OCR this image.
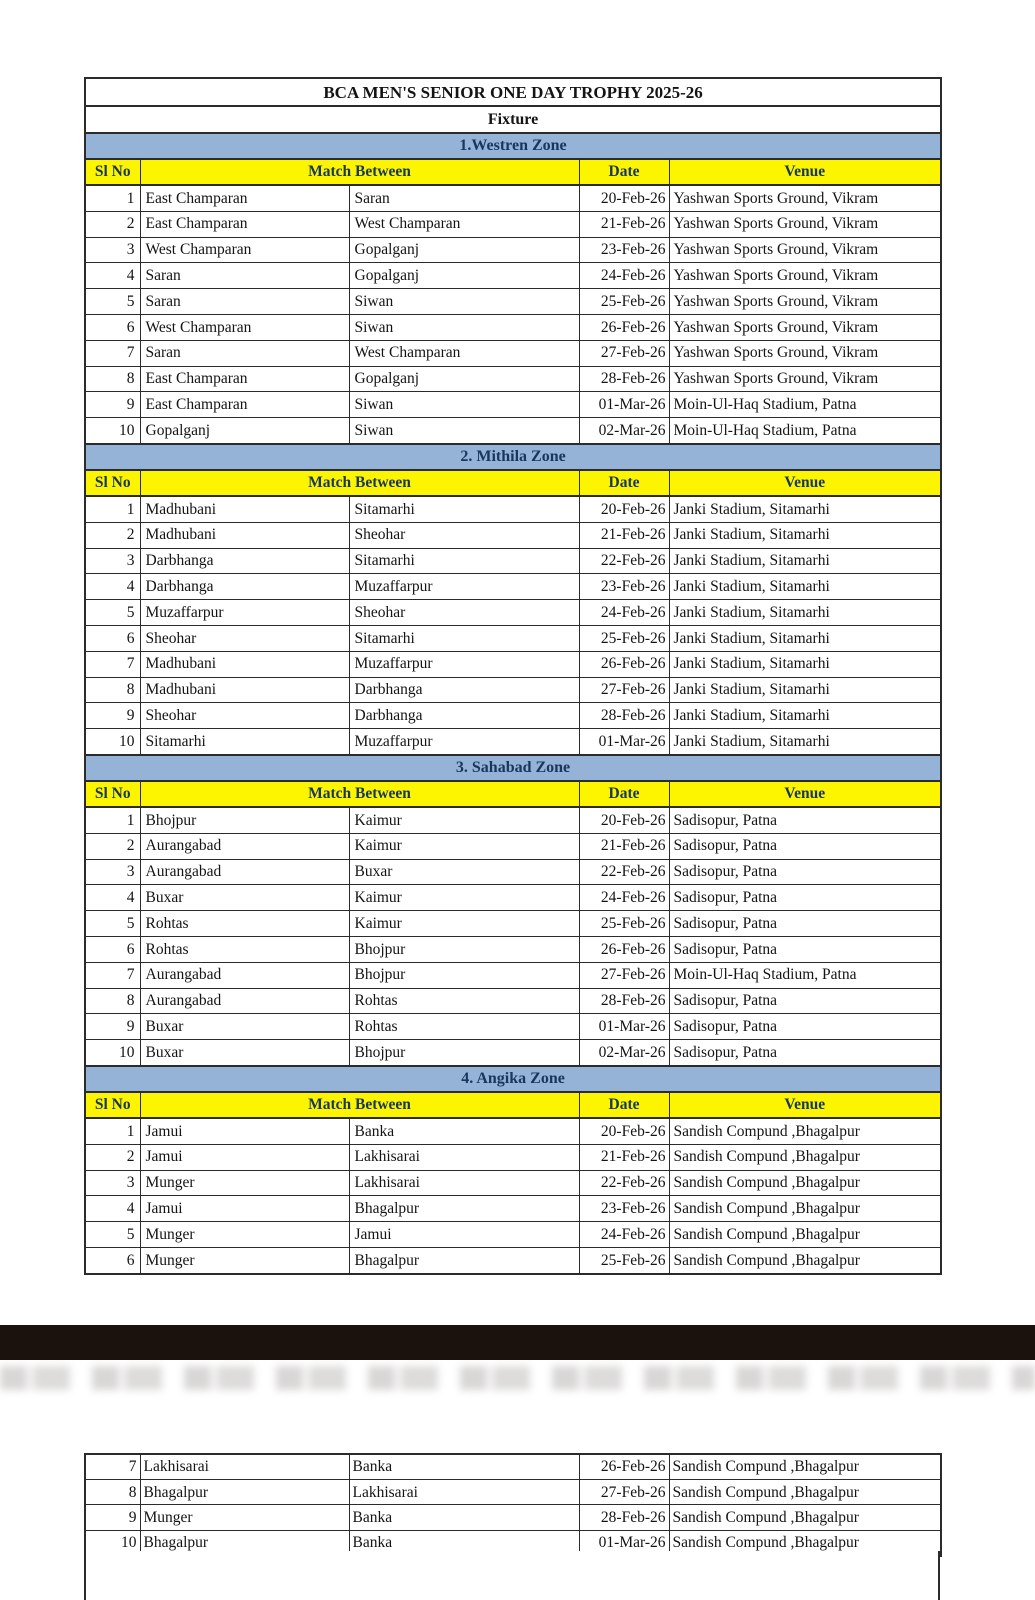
BCA MEN'S SENIOR ONE DAY TROPHY 2025-26				
Fixture				
1.Westren Zone				
Sl No	Match Between		Date	Venue
1	East Champaran	Saran	20-Feb-26	Yashwan Sports Ground, Vikram
2	East Champaran	West Champaran	21-Feb-26	Yashwan Sports Ground, Vikram
3	West Champaran	Gopalganj	23-Feb-26	Yashwan Sports Ground, Vikram
4	Saran	Gopalganj	24-Feb-26	Yashwan Sports Ground, Vikram
5	Saran	Siwan	25-Feb-26	Yashwan Sports Ground, Vikram
6	West Champaran	Siwan	26-Feb-26	Yashwan Sports Ground, Vikram
7	Saran	West Champaran	27-Feb-26	Yashwan Sports Ground, Vikram
8	East Champaran	Gopalganj	28-Feb-26	Yashwan Sports Ground, Vikram
9	East Champaran	Siwan	01-Mar-26	Moin-Ul-Haq Stadium, Patna
10	Gopalganj	Siwan	02-Mar-26	Moin-Ul-Haq Stadium, Patna
2. Mithila Zone				
Sl No	Match Between		Date	Venue
1	Madhubani	Sitamarhi	20-Feb-26	Janki Stadium, Sitamarhi
2	Madhubani	Sheohar	21-Feb-26	Janki Stadium, Sitamarhi
3	Darbhanga	Sitamarhi	22-Feb-26	Janki Stadium, Sitamarhi
4	Darbhanga	Muzaffarpur	23-Feb-26	Janki Stadium, Sitamarhi
5	Muzaffarpur	Sheohar	24-Feb-26	Janki Stadium, Sitamarhi
6	Sheohar	Sitamarhi	25-Feb-26	Janki Stadium, Sitamarhi
7	Madhubani	Muzaffarpur	26-Feb-26	Janki Stadium, Sitamarhi
8	Madhubani	Darbhanga	27-Feb-26	Janki Stadium, Sitamarhi
9	Sheohar	Darbhanga	28-Feb-26	Janki Stadium, Sitamarhi
10	Sitamarhi	Muzaffarpur	01-Mar-26	Janki Stadium, Sitamarhi
3. Sahabad Zone				
Sl No	Match Between		Date	Venue
1	Bhojpur	Kaimur	20-Feb-26	Sadisopur, Patna
2	Aurangabad	Kaimur	21-Feb-26	Sadisopur, Patna
3	Aurangabad	Buxar	22-Feb-26	Sadisopur, Patna
4	Buxar	Kaimur	24-Feb-26	Sadisopur, Patna
5	Rohtas	Kaimur	25-Feb-26	Sadisopur, Patna
6	Rohtas	Bhojpur	26-Feb-26	Sadisopur, Patna
7	Aurangabad	Bhojpur	27-Feb-26	Moin-Ul-Haq Stadium, Patna
8	Aurangabad	Rohtas	28-Feb-26	Sadisopur, Patna
9	Buxar	Rohtas	01-Mar-26	Sadisopur, Patna
10	Buxar	Bhojpur	02-Mar-26	Sadisopur, Patna
4. Angika Zone				
Sl No	Match Between		Date	Venue
1	Jamui	Banka	20-Feb-26	Sandish Compund ,Bhagalpur
2	Jamui	Lakhisarai	21-Feb-26	Sandish Compund ,Bhagalpur
3	Munger	Lakhisarai	22-Feb-26	Sandish Compund ,Bhagalpur
4	Jamui	Bhagalpur	23-Feb-26	Sandish Compund ,Bhagalpur
5	Munger	Jamui	24-Feb-26	Sandish Compund ,Bhagalpur
6	Munger	Bhagalpur	25-Feb-26	Sandish Compund ,Bhagalpur
7	Lakhisarai	Banka	26-Feb-26	Sandish Compund ,Bhagalpur
8	Bhagalpur	Lakhisarai	27-Feb-26	Sandish Compund ,Bhagalpur
9	Munger	Banka	28-Feb-26	Sandish Compund ,Bhagalpur
10	Bhagalpur	Banka	01-Mar-26	Sandish Compund ,Bhagalpur
